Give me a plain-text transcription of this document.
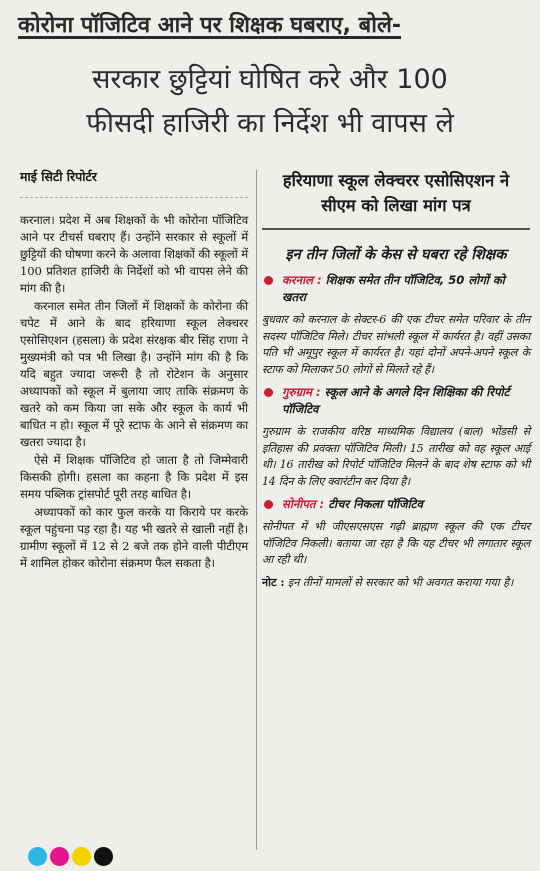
कोरोना पॉजिटिव आने पर शिक्षक घबराए, बोले-
सरकार छुट्टियां घोषित करे और 100
फीसदी हाजिरी का निर्देश भी वापस ले
माई सिटी रिपोर्टर

करनाल। प्रदेश में अब शिक्षकों के भी कोरोना पॉजिटिव आने पर टीचर्स घबराए हैं। उन्होंने सरकार से स्कूलों में छुट्टियों की घोषणा करने के अलावा शिक्षकों की स्कूलों में 100 प्रतिशत हाजिरी के निर्देशों को भी वापस लेने की मांग की है।

करनाल समेत तीन जिलों में शिक्षकों के कोरोना की चपेट में आने के बाद हरियाणा स्कूल लेक्चरर एसोसिएशन (हसला) के प्रदेश संरक्षक बीर सिंह राणा ने मुख्यमंत्री को पत्र भी लिखा है। उन्होंने मांग की है कि यदि बहुत ज्यादा जरूरी है तो रोटेशन के अनुसार अध्यापकों को स्कूल में बुलाया जाए ताकि संक्रमण के खतरे को कम किया जा सके और स्कूल के कार्य भी बाधित न हो। स्कूल में पूरे स्टाफ के आने से संक्रमण का खतरा ज्यादा है।

ऐसे में शिक्षक पॉजिटिव हो जाता है तो जिम्मेवारी किसकी होगी। हसला का कहना है कि प्रदेश में इस समय पब्लिक ट्रांसपोर्ट पूरी तरह बाधित है।

अध्यापकों को कार फुल करके या किराये पर करके स्कूल पहुंचना पड़ रहा है। यह भी खतरे से खाली नहीं है। ग्रामीण स्कूलों में 12 से 2 बजे तक होने वाली पीटीएम में शामिल होकर कोरोना संक्रमण फैल सकता है।

हरियाणा स्कूल लेक्चरर एसोसिएशन ने सीएम को लिखा मांग पत्र
इन तीन जिलों के केस से घबरा रहे शिक्षक
करनाल : शिक्षक समेत तीन पॉजिटिव, 50 लोगों को खतरा

बुधवार को करनाल के सेक्टर-6 की एक टीचर समेत परिवार के तीन सदस्य पॉजिटिव मिले। टीचर सांभली स्कूल में कार्यरत है। वहीं उसका पति भी अमूपुर स्कूल में कार्यरत है। यहां दोनों अपने-अपने स्कूल के स्टाफ को मिलाकर 50 लोगों से मिलते रहे हैं।

गुरुग्राम : स्कूल आने के अगले दिन शिक्षिका की रिपोर्ट पॉजिटिव

गुरुग्राम के राजकीय वरिष्ठ माध्यमिक विद्यालय (बाल) भोंडसी से इतिहास की प्रवक्ता पॉजिटिव मिली। 15 तारीख को वह स्कूल आई थी। 16 तारीख को रिपोर्ट पॉजिटिव मिलने के बाद शेष स्टाफ को भी 14 दिन के लिए क्वारंटीन कर दिया है।

सोनीपत : टीचर निकला पॉजिटिव

सोनीपत में भी जीएसएसएस गढ़ी ब्राह्मण स्कूल की एक टीचर पॉजिटिव निकली। बताया जा रहा है कि यह टीचर भी लगातार स्कूल आ रही थी।

नोट : इन तीनों मामलों से सरकार को भी अवगत कराया गया है।
